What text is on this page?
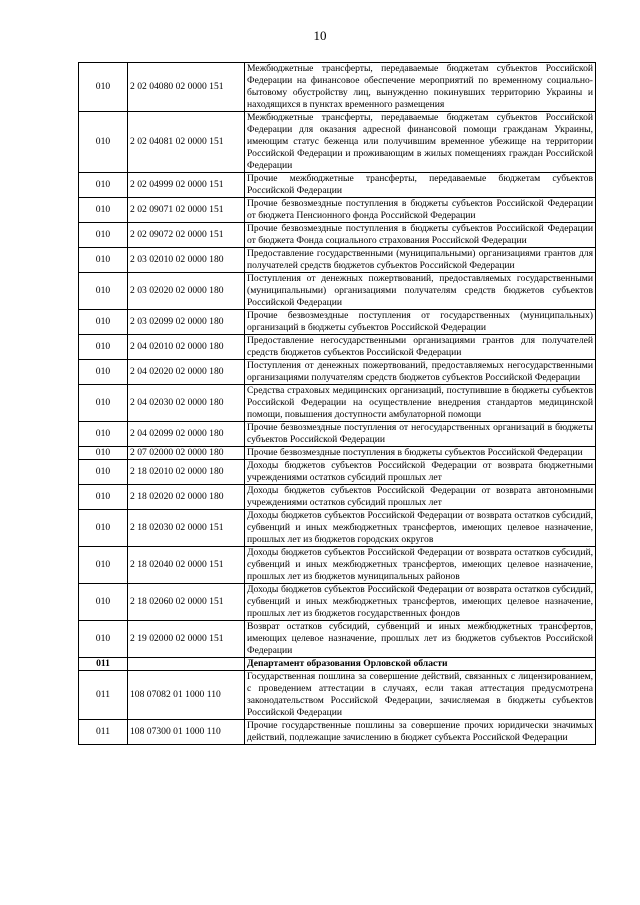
10
010	2 02 04080 02 0000 151	Межбюджетные трансферты, передаваемые бюджетам субъектов Российской Федерации на финансовое обеспечение мероприятий по временному социально-бытовому обустройству лиц, вынужденно покинувших территорию Украины и находящихся в пунктах временного размещения
010	2 02 04081 02 0000 151	Межбюджетные трансферты, передаваемые бюджетам субъектов Российской Федерации для оказания адресной финансовой помощи гражданам Украины, имеющим статус беженца или получившим временное убежище на территории Российской Федерации и проживающим в жилых помещениях граждан Российской Федерации
010	2 02 04999 02 0000 151	Прочие межбюджетные трансферты, передаваемые бюджетам субъектов Российской Федерации
010	2 02 09071 02 0000 151	Прочие безвозмездные поступления в бюджеты субъектов Российской Федерации от бюджета Пенсионного фонда Российской Федерации
010	2 02 09072 02 0000 151	Прочие безвозмездные поступления в бюджеты субъектов Российской Федерации от бюджета Фонда социального страхования Российской Федерации
010	2 03 02010 02 0000 180	Предоставление государственными (муниципальными) организациями грантов для получателей средств бюджетов субъектов Российской Федерации
010	2 03 02020 02 0000 180	Поступления от денежных пожертвований, предоставляемых государственными (муниципальными) организациями получателям средств бюджетов субъектов Российской Федерации
010	2 03 02099 02 0000 180	Прочие безвозмездные поступления от государственных (муниципальных) организаций в бюджеты субъектов Российской Федерации
010	2 04 02010 02 0000 180	Предоставление негосударственными организациями грантов для получателей средств бюджетов субъектов Российской Федерации
010	2 04 02020 02 0000 180	Поступления от денежных пожертвований, предоставляемых негосударственными организациями получателям средств бюджетов субъектов Российской Федерации
010	2 04 02030 02 0000 180	Средства страховых медицинских организаций, поступившие в бюджеты субъектов Российской Федерации на осуществление внедрения стандартов медицинской помощи, повышения доступности амбулаторной помощи
010	2 04 02099 02 0000 180	Прочие безвозмездные поступления от негосударственных организаций в бюджеты субъектов Российской Федерации
010	2 07 02000 02 0000 180	Прочие безвозмездные поступления в бюджеты субъектов Российской Федерации
010	2 18 02010 02 0000 180	Доходы бюджетов субъектов Российской Федерации от возврата бюджетными учреждениями остатков субсидий прошлых лет
010	2 18 02020 02 0000 180	Доходы бюджетов субъектов Российской Федерации от возврата автономными учреждениями остатков субсидий прошлых лет
010	2 18 02030 02 0000 151	Доходы бюджетов субъектов Российской Федерации от возврата остатков субсидий, субвенций и иных межбюджетных трансфертов, имеющих целевое назначение, прошлых лет из бюджетов городских округов
010	2 18 02040 02 0000 151	Доходы бюджетов субъектов Российской Федерации от возврата остатков субсидий, субвенций и иных межбюджетных трансфертов, имеющих целевое назначение, прошлых лет из бюджетов муниципальных районов
010	2 18 02060 02 0000 151	Доходы бюджетов субъектов Российской Федерации от возврата остатков субсидий, субвенций и иных межбюджетных трансфертов, имеющих целевое назначение, прошлых лет из бюджетов государственных фондов
010	2 19 02000 02 0000 151	Возврат остатков субсидий, субвенций и иных межбюджетных трансфертов, имеющих целевое назначение, прошлых лет из бюджетов субъектов Российской Федерации
011		Департамент образования Орловской области
011	108 07082 01 1000 110	Государственная пошлина за совершение действий, связанных с лицензированием, с проведением аттестации в случаях, если такая аттестация предусмотрена законодательством Российской Федерации, зачисляемая в бюджеты субъектов Российской Федерации
011	108 07300 01 1000 110	Прочие государственные пошлины за совершение прочих юридически значимых действий, подлежащие зачислению в бюджет субъекта Российской Федерации
